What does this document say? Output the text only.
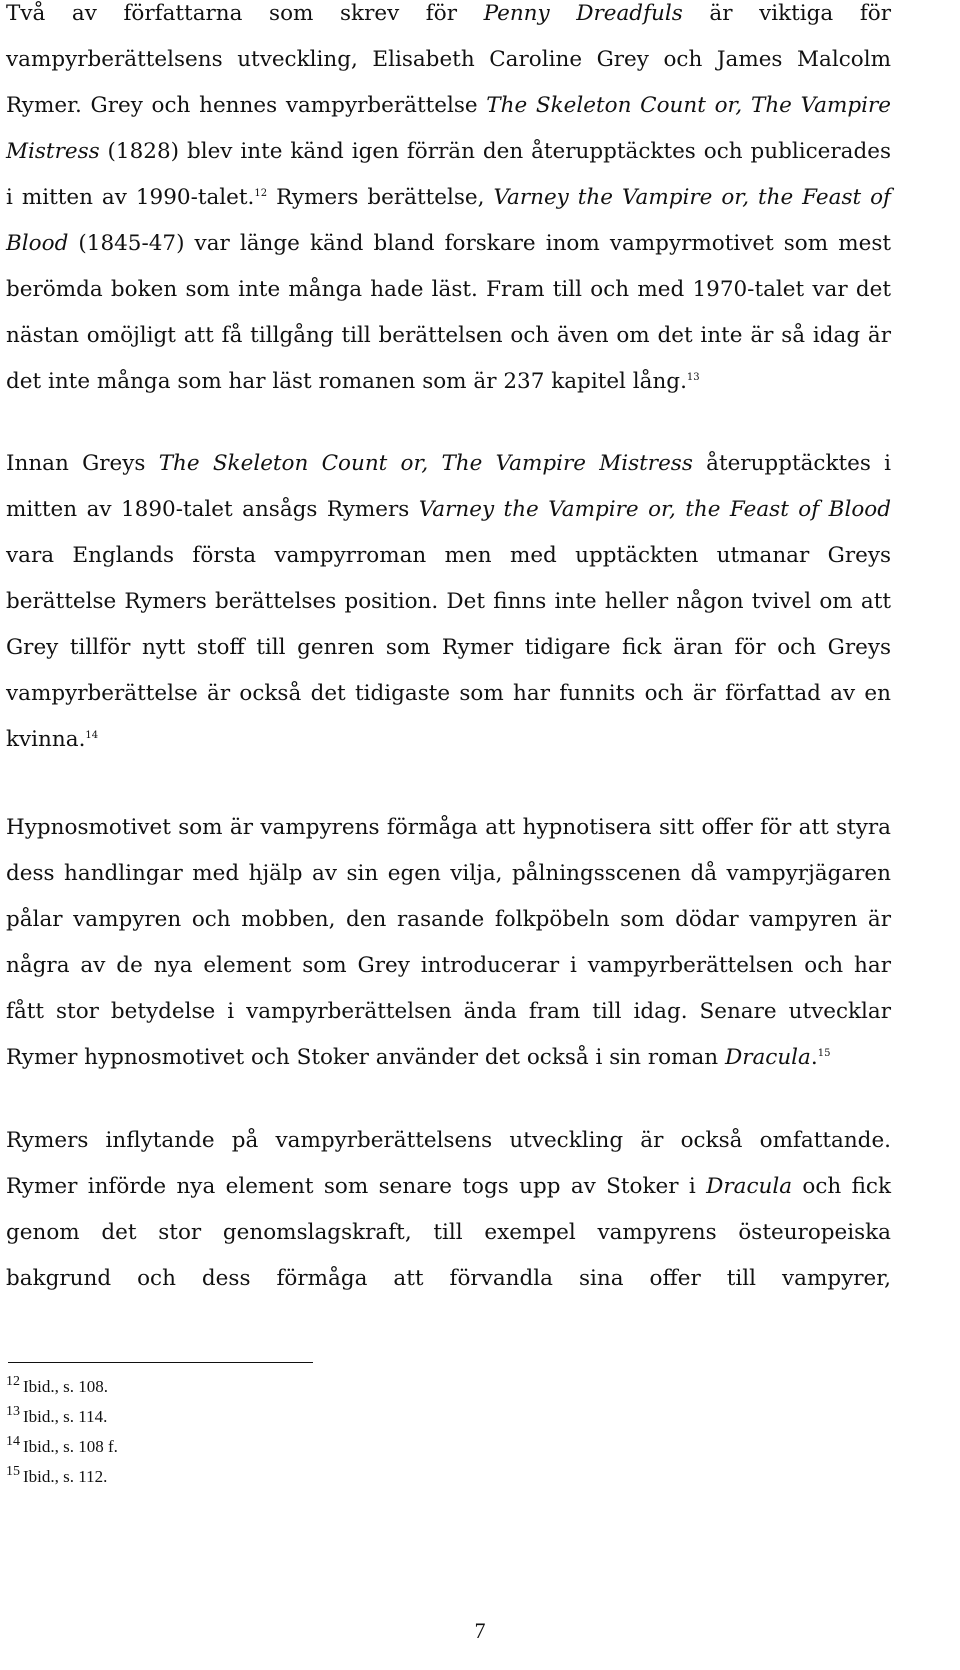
Två av författarna som skrev för Penny Dreadfuls är viktiga för vampyrberättelsens utveckling, Elisabeth Caroline Grey och James Malcolm Rymer. Grey och hennes vampyrberättelse The Skeleton Count or, The Vampire Mistress (1828) blev inte känd igen förrän den återupptäcktes och publicerades i mitten av 1990-talet.$^{12}$ Rymers berättelse, Varney the Vampire or, the Feast of Blood (1845-47) var länge känd bland forskare inom vampyrmotivet som mest berömda boken som inte många hade läst. Fram till och med 1970-talet var det nästan omöjligt att få tillgång till berättelsen och även om det inte är så idag är det inte många som har läst romanen som är 237 kapitel lång.$^{13}$

Innan Greys The Skeleton Count or, The Vampire Mistress återupptäcktes i mitten av 1890-talet ansågs Rymers Varney the Vampire or, the Feast of Blood vara Englands första vampyrroman men med upptäckten utmanar Greys berättelse Rymers berättelses position. Det finns inte heller någon tvivel om att Grey tillför nytt stoff till genren som Rymer tidigare fick äran för och Greys vampyrberättelse är också det tidigaste som har funnits och är författad av en kvinna.$^{14}$

Hypnosmotivet som är vampyrens förmåga att hypnotisera sitt offer för att styra dess handlingar med hjälp av sin egen vilja, pålningsscenen då vampyrjägaren pålar vampyren och mobben, den rasande folkpöbeln som dödar vampyren är några av de nya element som Grey introducerar i vampyrberättelsen och har fått stor betydelse i vampyrberättelsen ända fram till idag. Senare utvecklar Rymer hypnosmotivet och Stoker använder det också i sin roman Dracula.$^{15}$

Rymers inflytande på vampyrberättelsens utveckling är också omfattande. Rymer införde nya element som senare togs upp av Stoker i Dracula och fick genom det stor genomslagskraft, till exempel vampyrens östeuropeiska bakgrund och dess förmåga att förvandla sina offer till vampyrer,

$^{12}$ Ibid., s. 108.
$^{13}$ Ibid., s. 114.
$^{14}$ Ibid., s. 108 f.
$^{15}$ Ibid., s. 112.
7
